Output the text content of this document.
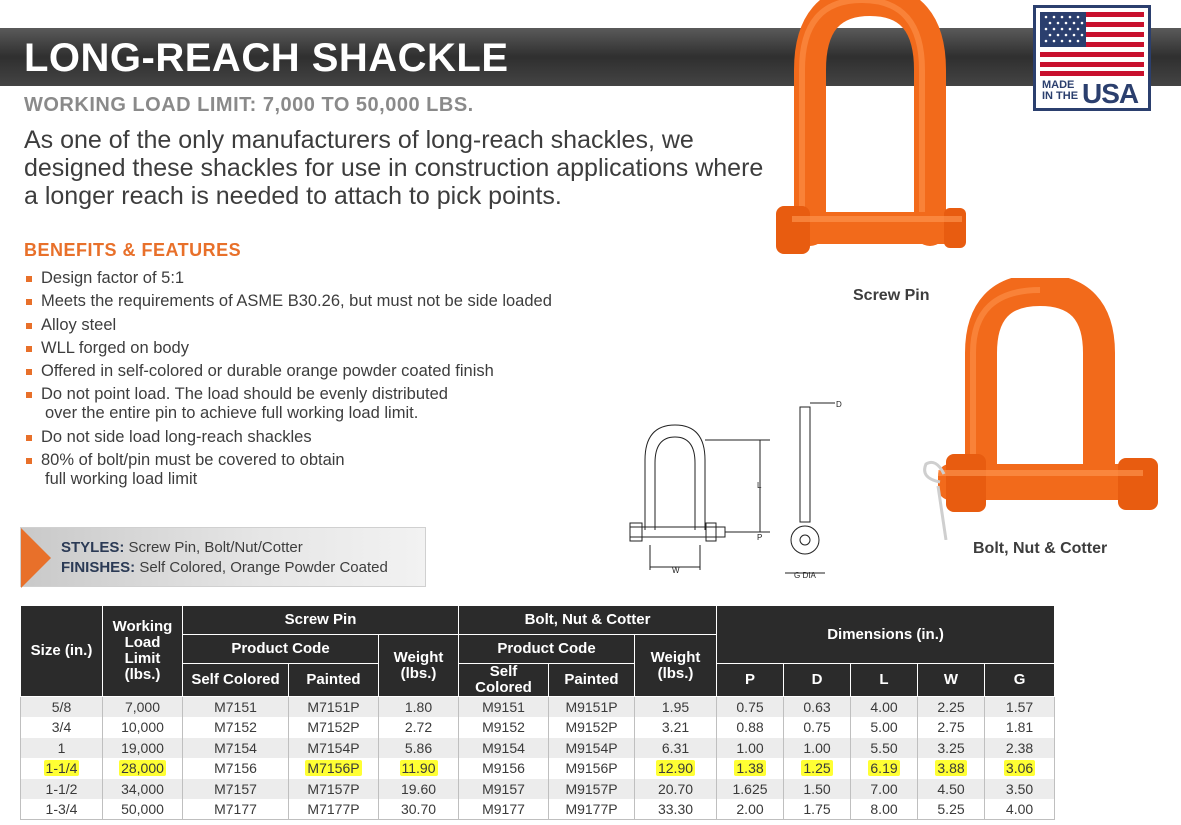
LONG-REACH SHACKLE
WORKING LOAD LIMIT: 7,000 TO 50,000 LBS.
As one of the only manufacturers of long-reach shackles, we designed these shackles for use in construction applications where a longer reach is needed to attach to pick points.
MADE
IN THE USA
BENEFITS & FEATURES
Design factor of 5:1
Meets the requirements of ASME B30.26, but must not be side loaded
Alloy steel
WLL forged on body
Offered in self-colored or durable orange powder coated finish
Do not point load. The load should be evenly distributed
over the entire pin to achieve full working load limit.
Do not side load long-reach shackles
80% of bolt/pin must be covered to obtain
full working load limit
STYLES: Screw Pin, Bolt/Nut/Cotter
FINISHES: Self Colored, Orange Powder Coated
Screw Pin
Bolt, Nut & Cotter
D
L
P
W
G DIA
Size (in.)	Working Load Limit (lbs.)	Screw Pin			Bolt, Nut & Cotter			Dimensions (in.)				
		Product Code		Weight (lbs.)	Product Code		Weight (lbs.)					
		Self Colored	Painted		Self Colored	Painted		P	D	L	W	G
5/8	7,000	M7151	M7151P	1.80	M9151	M9151P	1.95	0.75	0.63	4.00	2.25	1.57
3/4	10,000	M7152	M7152P	2.72	M9152	M9152P	3.21	0.88	0.75	5.00	2.75	1.81
1	19,000	M7154	M7154P	5.86	M9154	M9154P	6.31	1.00	1.00	5.50	3.25	2.38
1-1/4	28,000	M7156	M7156P	11.90	M9156	M9156P	12.90	1.38	1.25	6.19	3.88	3.06
1-1/2	34,000	M7157	M7157P	19.60	M9157	M9157P	20.70	1.625	1.50	7.00	4.50	3.50
1-3/4	50,000	M7177	M7177P	30.70	M9177	M9177P	33.30	2.00	1.75	8.00	5.25	4.00
